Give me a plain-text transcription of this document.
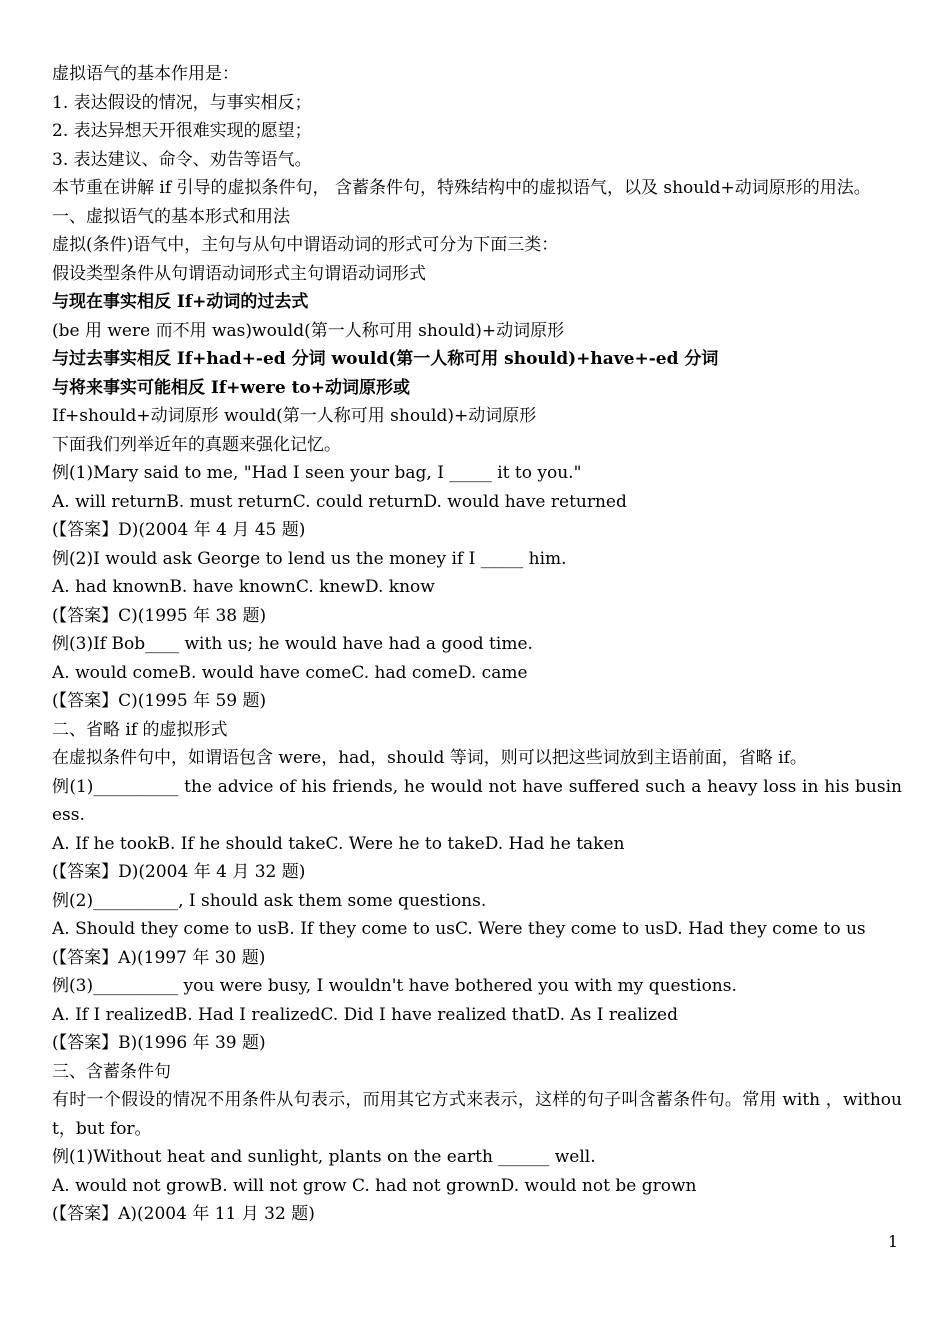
虚拟语气的基本作用是：
1. 表达假设的情况，与事实相反；
2. 表达异想天开很难实现的愿望；
3. 表达建议、命令、劝告等语气。
本节重在讲解 if 引导的虚拟条件句， 含蓄条件句，特殊结构中的虚拟语气，以及 should+动词原形的用法。
一、虚拟语气的基本形式和用法
虚拟(条件)语气中，主句与从句中谓语动词的形式可分为下面三类：
假设类型条件从句谓语动词形式主句谓语动词形式
与现在事实相反 If+动词的过去式
(be 用 were 而不用 was)would(第一人称可用 should)+动词原形
与过去事实相反 If+had+-ed 分词 would(第一人称可用 should)+have+-ed 分词
与将来事实可能相反 If+were to+动词原形或
If+should+动词原形 would(第一人称可用 should)+动词原形
下面我们列举近年的真题来强化记忆。
例(1)Mary said to me, "Had I seen your bag, I _____ it to you."
A. will returnB. must returnC. could returnD. would have returned
(【答案】D)(2004 年 4 月 45 题)
例(2)I would ask George to lend us the money if I _____ him.
A. had knownB. have knownC. knewD. know
(【答案】C)(1995 年 38 题)
例(3)If Bob____ with us; he would have had a good time.
A. would comeB. would have comeC. had comeD. came
(【答案】C)(1995 年 59 题)
二、省略 if 的虚拟形式
在虚拟条件句中，如谓语包含 were，had，should 等词，则可以把这些词放到主语前面，省略 if。
例(1)__________ the advice of his friends, he would not have suffered such a heavy loss in his business.
A. If he tookB. If he should takeC. Were he to takeD. Had he taken
(【答案】D)(2004 年 4 月 32 题)
例(2)__________, I should ask them some questions.
A. Should they come to usB. If they come to usC. Were they come to usD. Had they come to us
(【答案】A)(1997 年 30 题)
例(3)__________ you were busy, I wouldn't have bothered you with my questions.
A. If I realizedB. Had I realizedC. Did I have realized thatD. As I realized
(【答案】B)(1996 年 39 题)
三、含蓄条件句
有时一个假设的情况不用条件从句表示，而用其它方式来表示，这样的句子叫含蓄条件句。常用 with ，without，but for。
例(1)Without heat and sunlight, plants on the earth ______ well.
A. would not growB. will not grow C. had not grownD. would not be grown
(【答案】A)(2004 年 11 月 32 题)
1
